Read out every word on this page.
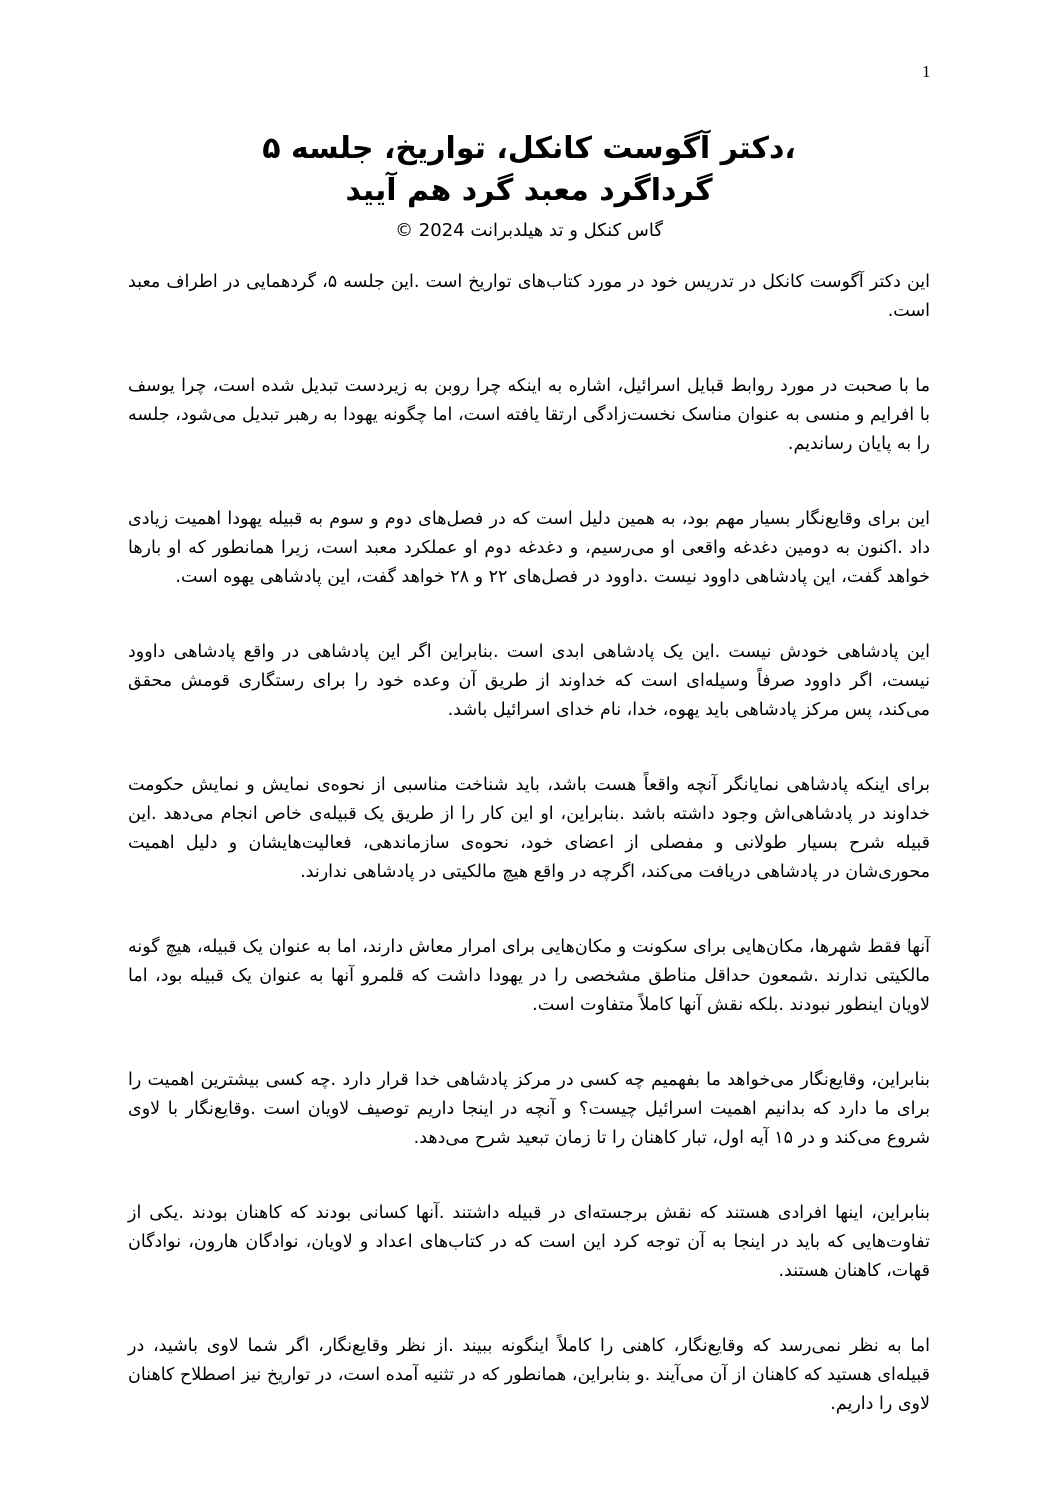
1
،دکتر آگوست کانکل، تواریخ، جلسه ۵
گرداگرد معبد گرد هم آیید
گاس کنکل و تد هیلدبرانت 2024 ©

این دکتر آگوست کانکل در تدریس خود در مورد کتاب‌های تواریخ است .این جلسه ۵، گردهمایی در اطراف معبد است.

ما با صحبت در مورد روابط قبایل اسرائیل، اشاره به اینکه چرا روبن به زیردست تبدیل شده است، چرا یوسف با افرایم و منسی به عنوان مناسک نخست‌زادگی ارتقا یافته است، اما چگونه یهودا به رهبر تبدیل می‌شود، جلسه را به پایان رساندیم.

این برای وقایع‌نگار بسیار مهم بود، به همین دلیل است که در فصل‌های دوم و سوم به قبیله یهودا اهمیت زیادی داد .اکنون به دومین دغدغه واقعی او می‌رسیم، و دغدغه دوم او عملکرد معبد است، زیرا همانطور که او بارها خواهد گفت، این پادشاهی داوود نیست .داوود در فصل‌های ۲۲ و ۲۸ خواهد گفت، این پادشاهی یهوه است.

این پادشاهی خودش نیست .این یک پادشاهی ابدی است .بنابراین اگر این پادشاهی در واقع پادشاهی داوود نیست، اگر داوود صرفاً وسیله‌ای است که خداوند از طریق آن وعده خود را برای رستگاری قومش محقق می‌کند، پس مرکز پادشاهی باید یهوه، خدا، نام خدای اسرائیل باشد.

برای اینکه پادشاهی نمایانگر آنچه واقعاً هست باشد، باید شناخت مناسبی از نحوه‌ی نمایش و نمایش حکومت خداوند در پادشاهی‌اش وجود داشته باشد .بنابراین، او این کار را از طریق یک قبیله‌ی خاص انجام می‌دهد .این قبیله شرح بسیار طولانی و مفصلی از اعضای خود، نحوه‌ی سازماندهی، فعالیت‌هایشان و دلیل اهمیت محوری‌شان در پادشاهی دریافت می‌کند، اگرچه در واقع هیچ مالکیتی در پادشاهی ندارند.

آنها فقط شهرها، مکان‌هایی برای سکونت و مکان‌هایی برای امرار معاش دارند، اما به عنوان یک قبیله، هیچ گونه مالکیتی ندارند .شمعون حداقل مناطق مشخصی را در یهودا داشت که قلمرو آنها به عنوان یک قبیله بود، اما لاویان اینطور نبودند .بلکه نقش آنها کاملاً متفاوت است.

بنابراین، وقایع‌نگار می‌خواهد ما بفهمیم چه کسی در مرکز پادشاهی خدا قرار دارد .چه کسی بیشترین اهمیت را برای ما دارد که بدانیم اهمیت اسرائیل چیست؟ و آنچه در اینجا داریم توصیف لاویان است .وقایع‌نگار با لاوی شروع می‌کند و در ۱۵ آیه اول، تبار کاهنان را تا زمان تبعید شرح می‌دهد.

بنابراین، اینها افرادی هستند که نقش برجسته‌ای در قبیله داشتند .آنها کسانی بودند که کاهنان بودند .یکی از تفاوت‌هایی که باید در اینجا به آن توجه کرد این است که در کتاب‌های اعداد و لاویان، نوادگان هارون، نوادگان قهات، کاهنان هستند.

اما به نظر نمی‌رسد که وقایع‌نگار، کاهنی را کاملاً اینگونه ببیند .از نظر وقایع‌نگار، اگر شما لاوی باشید، در قبیله‌ای هستید که کاهنان از آن می‌آیند .و بنابراین، همانطور که در تثنیه آمده است، در تواریخ نیز اصطلاح کاهنان لاوی را داریم.
